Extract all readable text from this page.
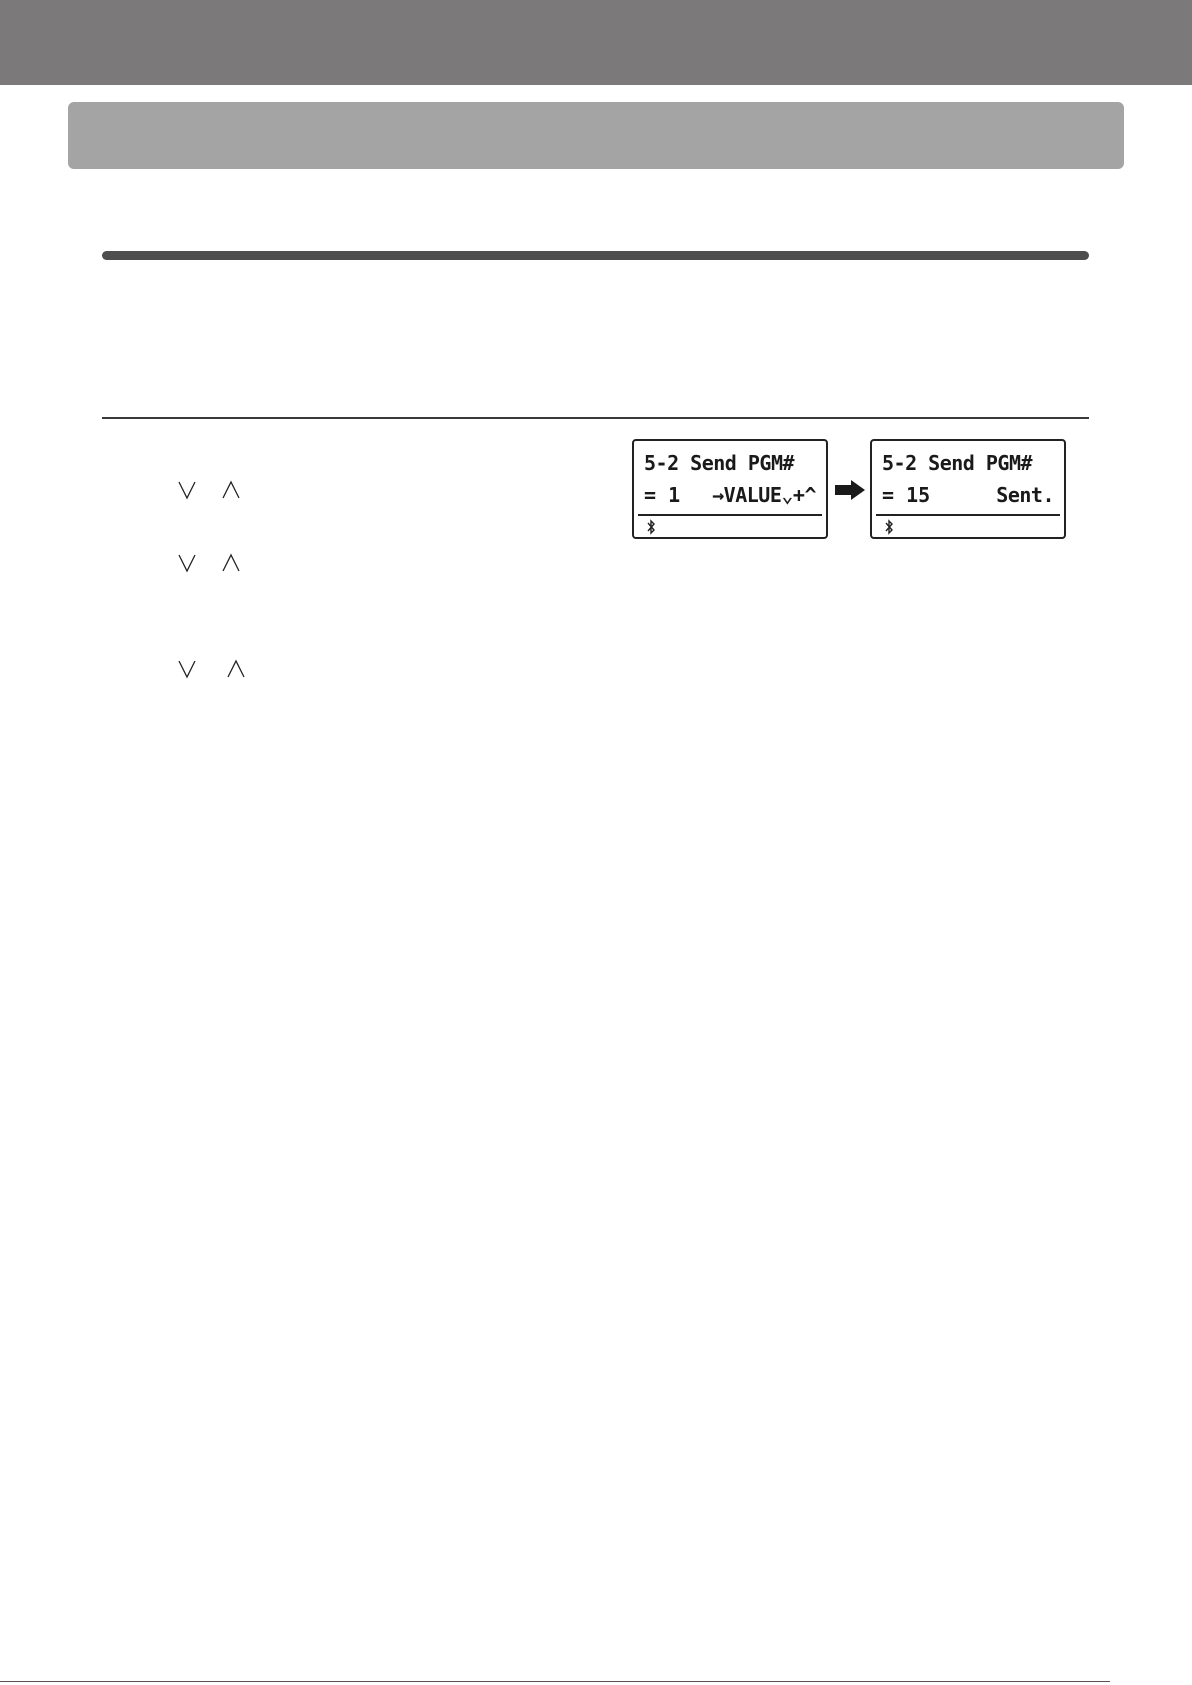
5-2 Send PGM#
= 1 →VALUE⌄+^
5-2 Send PGM#
= 15	Sent.
